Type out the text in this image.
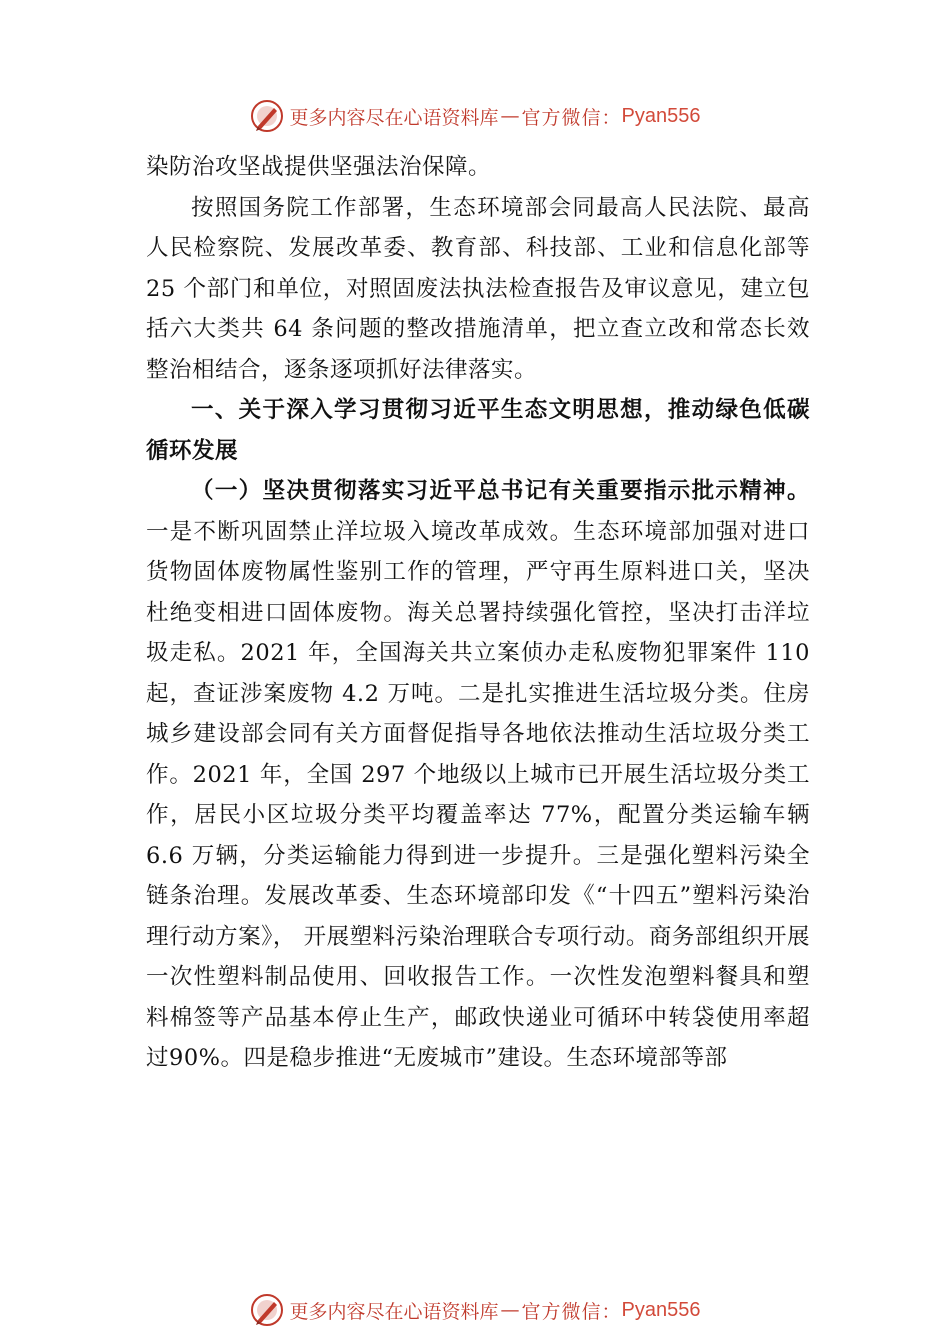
更多内容尽在心语资料库 — 官方微信： Pyan556

染防治攻坚战提供坚强法治保障。

按照国务院工作部署，生态环境部会同最高人民法院、最高人民检察院、发展改革委、教育部、科技部、工业和信息化部等 25 个部门和单位，对照固废法执法检查报告及审议意见，建立包括六大类共 64 条问题的整改措施清单，把立查立改和常态长效整治相结合，逐条逐项抓好法律落实。

一、关于深入学习贯彻习近平生态文明思想，推动绿色低碳循环发展

（一）坚决贯彻落实习近平总书记有关重要指示批示精神。一是不断巩固禁止洋垃圾入境改革成效。生态环境部加强对进口货物固体废物属性鉴别工作的管理，严守再生原料进口关，坚决杜绝变相进口固体废物。海关总署持续强化管控，坚决打击洋垃圾走私。2021 年，全国海关共立案侦办走私废物犯罪案件 110 起，查证涉案废物 4.2 万吨。二是扎实推进生活垃圾分类。住房城乡建设部会同有关方面督促指导各地依法推动生活垃圾分类工作。2021 年，全国 297 个地级以上城市已开展生活垃圾分类工作，居民小区垃圾分类平均覆盖率达 77%，配置分类运输车辆 6.6 万辆，分类运输能力得到进一步提升。三是强化塑料污染全链条治理。发展改革委、生态环境部印发《“十四五”塑料污染治理行动方案》， 开展塑料污染治理联合专项行动。商务部组织开展一次性塑料制品使用、回收报告工作。一次性发泡塑料餐具和塑料棉签等产品基本停止生产，邮政快递业可循环中转袋使用率超过90%。四是稳步推进“无废城市”建设。生态环境部等部

更多内容尽在心语资料库 — 官方微信： Pyan556
